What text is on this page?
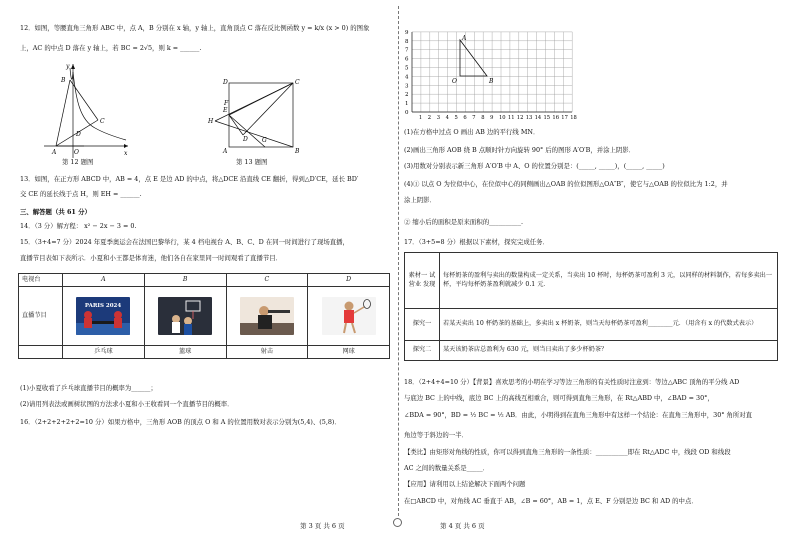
12．如图，等腰直角三角形 ABC 中，点 A，B 分别在 x 轴，y 轴上，直角顶点 C 落在反比例函数 y = k/x (x > 0) 的图象

上，AC 的中点 D 落在 y 轴上，若 BC = 2√5，则 k = ______.

y
x
B
C
D
A	O

第 12 题图

D	C
E
F
H
A
D G
B

第 13 题图

13．如图，在正方形 ABCD 中，AB = 4，点 E 是边 AD 的中点，将△DCE 沿直线 CE 翻折，得到△D′CE，延长 BD′

交 CE 的延长线于点 H，则 EH = ______.

三、解答题（共 61 分）

14．（3 分）解方程： x² − 2x − 3 = 0.

15．（3+4=7 分）2024 年夏季奥运会在法国巴黎举行，某 4 档电视台 A、B、C、D 在同一时间进行了现场直播，

直播节目表如下表所示．小夏和小王都是体育迷，他们各自在家里同一时间观看了直播节目．

电视台	A	B	C	D
直播节目	PARIS 2024

	乒乓球	篮球	射击	网球

(1)小夏收看了乒乓球直播节目的概率为______；

(2)请用列表法或画树状图的方法求小夏和小王收看同一个直播节目的概率．

16．（2+2+2+2+2=10 分）如果方格中，三角形 AOB 的顶点 O 和 A 的位置用数对表示分别为(5,4)、(5,8)．

A
O	B
9
8
7
6
5
4
3
2
1
0
1 2 3 4 5 6 7 8 9 10 11 12 13 14 15 16 17 18

(1)在方格中过点 O 画出 AB 边的平行线 MN．

(2)画出三角形 AOB 绕 B 点顺时针方向旋转 90° 后的图形 A′O′B，并涂上阴影．

(3)用数对分别表示新三角形 A′O′B 中 A、O 的位置分别是：(_____, _____)，(_____, _____)

(4)① 以点 O 为位似中心，在位似中心的同侧画出△OAB 的位似图形△OA″B″，使它与△OAB 的位似比为 1:2，并

涂上阴影．

② 缩小后的面积是原来面积的__________.

17．（3+5=8 分）根据以下素材，探究完成任务．

素材一 试营业 发现	每杯奶茶的盈利与卖出的数量构成一定关系，当卖出 10 杯时，每杯奶茶可盈利 3 元，以同样的材料制作，若每多卖出一杯，平均每杯奶茶盈利就减少 0.1 元．
探究一	若某天卖出 10 杯奶茶的基础上，多卖出 x 杯奶茶，则当天每杯奶茶可盈利________元．（用含有 x 的代数式表示）
探究二	某天该奶茶店总盈利为 630 元，则当日卖出了多少杯奶茶？

18．（2+4+4=10 分）【背景】喜欢思考的小明在学习等边三角形的有关性质时注意到：等边△ABC 顶角的平分线 AD

与底边 BC 上的中线，底边 BC 上的高线互相重合，则可得到直角三角形，在 Rt△ABD 中，∠BAD = 30°，

∠BDA = 90°，BD = ½ BC = ½ AB．由此，小明得到在直角三角形中有这样一个结论：在直角三角形中，30° 角所对直

角边等于斜边的一半．

【类比】由矩形对角线的性质，你可以得到直角三角形的一条性质：__________即在 Rt△ADC 中，线段 OD 和线段

AC 之间的数量关系是_____．

【应用】请利用以上结论解决下面两个问题

在□ABCD 中，对角线 AC 垂直于 AB，∠B = 60°，AB = 1，点 E、F 分别是边 BC 和 AD 的中点．

第 3 页 共 6 页	第 4 页 共 6 页
